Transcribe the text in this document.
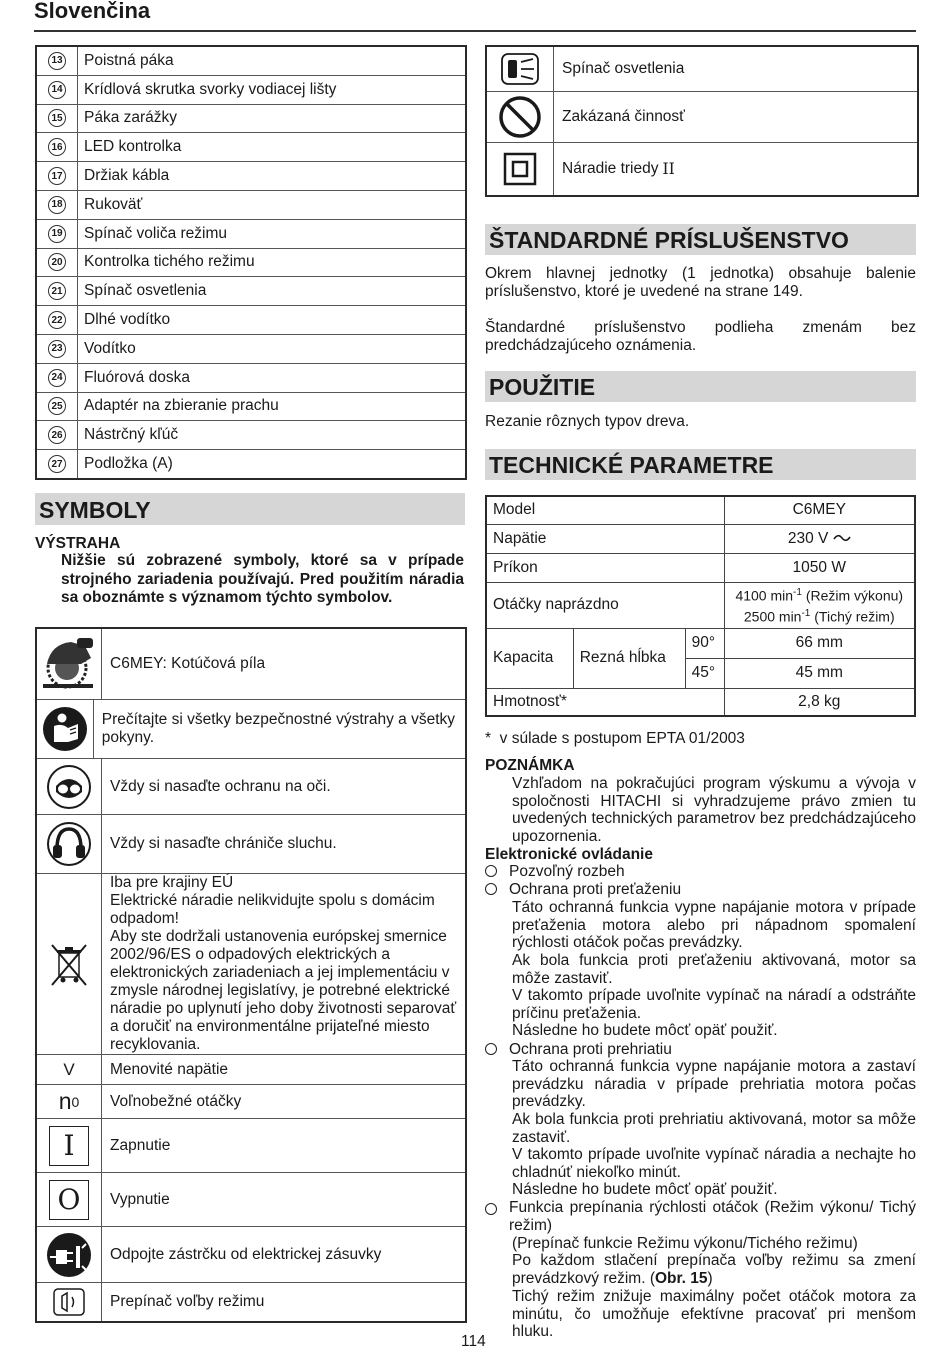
Slovenčina
13	Poistná páka
14	Krídlová skrutka svorky vodiacej lišty
15	Páka zarážky
16	LED kontrolka
17	Držiak kábla
18	Rukoväť
19	Spínač voliča režimu
20	Kontrolka tichého režimu
21	Spínač osvetlenia
22	Dlhé vodítko
23	Vodítko
24	Fluórová doska
25	Adaptér na zbieranie prachu
26	Nástrčný kľúč
27	Podložka (A)
SYMBOLY
VÝSTRAHA
Nižšie sú zobrazené symboly, ktoré sa v prípade strojného zariadenia používajú. Pred použitím náradia sa oboznámte s významom týchto symbolov.
C6MEY: Kotúčová píla
Prečítajte si všetky bezpečnostné výstrahy a všetky pokyny.
Vždy si nasaďte ochranu na oči.
Vždy si nasaďte chrániče sluchu.
Iba pre krajiny EÚ
Elektrické náradie nelikvidujte spolu s domácim odpadom!
Aby ste dodržali ustanovenia európskej smernice 2002/96/ES o odpadových elektrických a elektronických zariadeniach a jej implementáciu v zmysle národnej legislatívy, je potrebné elektrické náradie po uplynutí jeho doby životnosti separovať a doručiť na environmentálne prijateľné miesto recyklovania.
V	Menovité napätie
n 0	Voľnobežné otáčky
I	Zapnutie
O	Vypnutie
Odpojte zástrčku od elektrickej zásuvky
Prepínač voľby režimu
Spínač osvetlenia
Zakázaná činnosť
Náradie triedy II
ŠTANDARDNÉ PRÍSLUŠENSTVO
Okrem hlavnej jednotky (1 jednotka) obsahuje balenie príslušenstvo, ktoré je uvedené na strane 149.
Štandardné príslušenstvo podlieha zmenám bez predchádzajúceho oznámenia.
POUŽITIE
Rezanie rôznych typov dreva.
TECHNICKÉ PARAMETRE
Model			C6MEY
Napätie			230 V
Príkon			1050 W
Otáčky naprázdno			4100 $\min^{-1}$ (Režim výkonu)
2500 $\min^{-1}$ (Tichý režim)

Kapacita	Rezná hĺbka	90°	66 mm
		45°	45 mm
Hmotnosť*			2,8 kg
*  v súlade s postupom EPTA 01/2003
POZNÁMKA
Vzhľadom na pokračujúci program výskumu a vývoja v spoločnosti HITACHI si vyhradzujeme právo zmien tu uvedených technických parametrov bez predchádzajúceho upozornenia.
Elektronické ovládanie
Pozvoľný rozbeh
Ochrana proti preťaženiu
Táto ochranná funkcia vypne napájanie motora v prípade preťaženia motora alebo pri nápadnom spomalení rýchlosti otáčok počas prevádzky.
Ak bola funkcia proti preťaženiu aktivovaná, motor sa môže zastaviť.
V takomto prípade uvoľnite vypínač na náradí a odstráňte príčinu preťaženia.
Následne ho budete môcť opäť použiť.
Ochrana proti prehriatiu
Táto ochranná funkcia vypne napájanie motora a zastaví prevádzku náradia v prípade prehriatia motora počas prevádzky.
Ak bola funkcia proti prehriatiu aktivovaná, motor sa môže zastaviť.
V takomto prípade uvoľnite vypínač náradia a nechajte ho chladnúť niekoľko minút.
Následne ho budete môcť opäť použiť.
Funkcia prepínania rýchlosti otáčok (Režim výkonu/ Tichý režim)
(Prepínač funkcie Režimu výkonu/Tichého režimu)
Po každom stlačení prepínača voľby režimu sa zmení prevádzkový režim. (Obr. 15)
Tichý režim znižuje maximálny počet otáčok motora za minútu, čo umožňuje efektívne pracovať pri menšom hluku.
114
